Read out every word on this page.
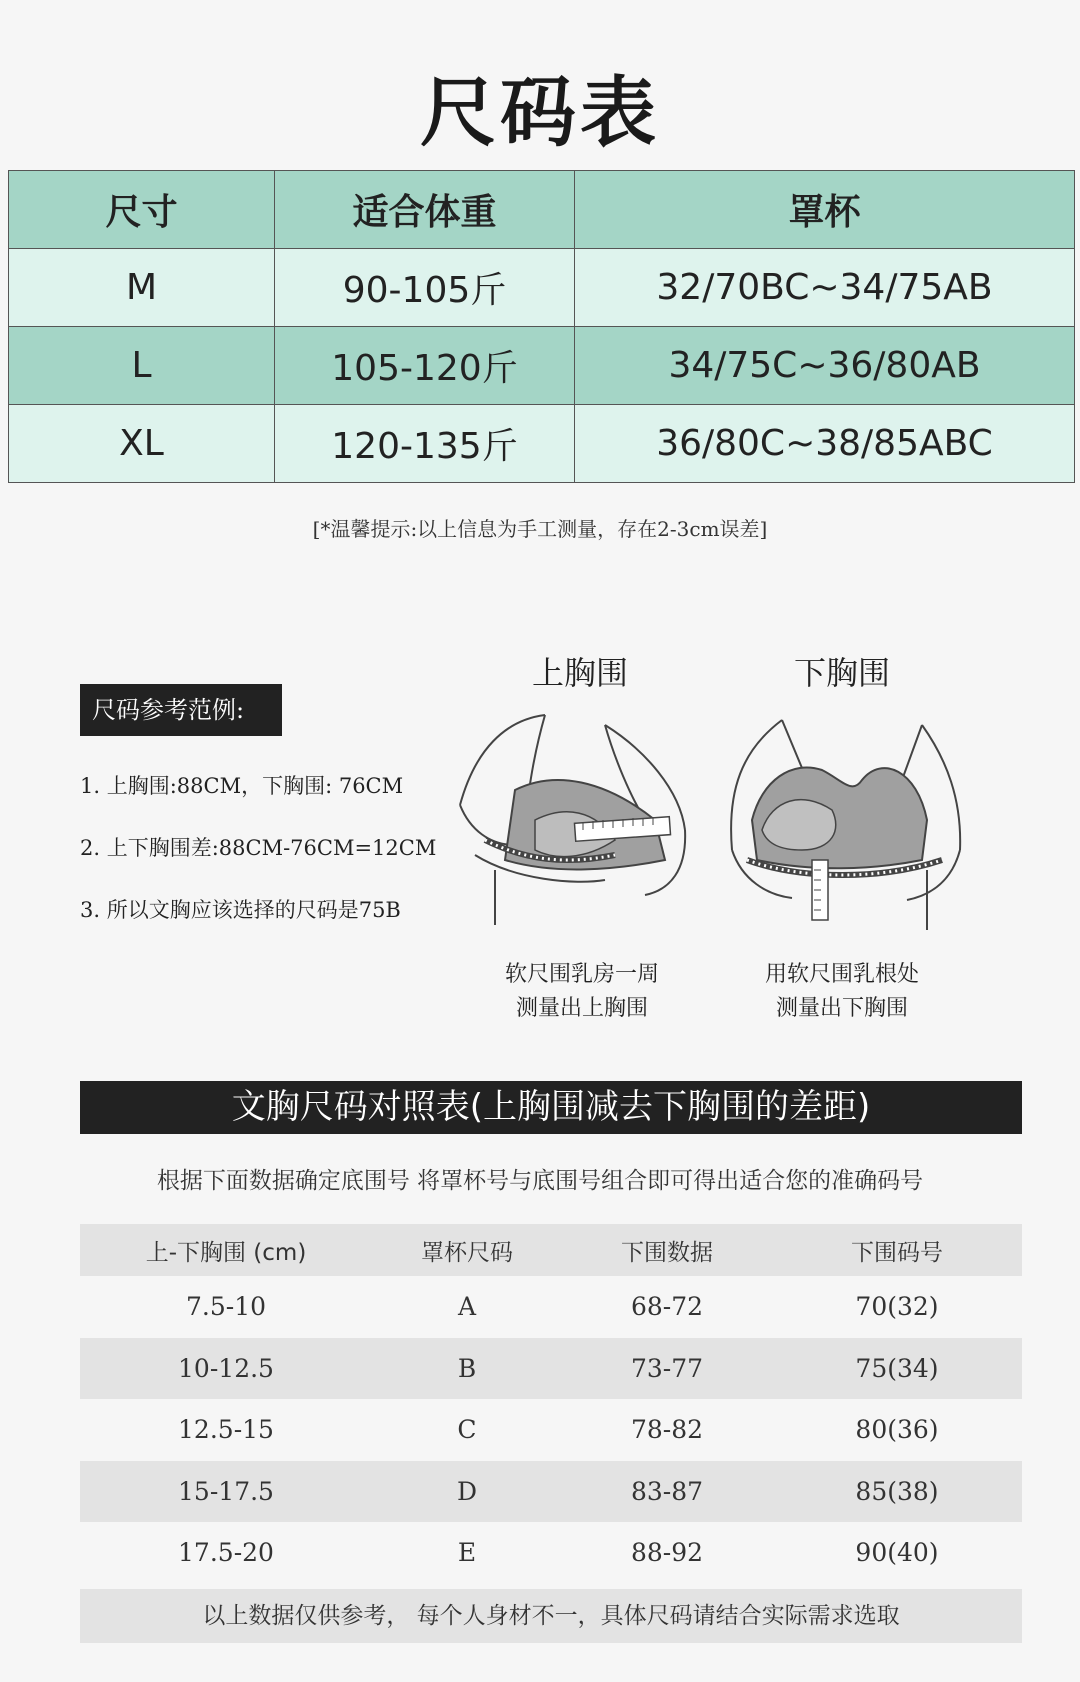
尺码表
尺寸	适合体重	罩杯
M	90-105斤	32/70BC~34/75AB
L	105-120斤	34/75C~36/80AB
XL	120-135斤	36/80C~38/85ABC
[*温馨提示:以上信息为手工测量，存在2-3cm误差]
尺码参考范例:
1. 上胸围:88CM，下胸围: 76CM
2. 上下胸围差:88CM-76CM=12CM
3. 所以文胸应该选择的尺码是75B
上胸围
软尺围乳房一周
测量出上胸围
下胸围
用软尺围乳根处
测量出下胸围
文胸尺码对照表(上胸围减去下胸围的差距)
根据下面数据确定底围号 将罩杯号与底围号组合即可得出适合您的准确码号
上-下胸围 (cm)	罩杯尺码	下围数据	下围码号
7.5-10	A	68-72	70(32)
10-12.5	B	73-77	75(34)
12.5-15	C	78-82	80(36)
15-17.5	D	83-87	85(38)
17.5-20	E	88-92	90(40)
以上数据仅供参考， 每个人身材不一，具体尺码请结合实际需求选取
